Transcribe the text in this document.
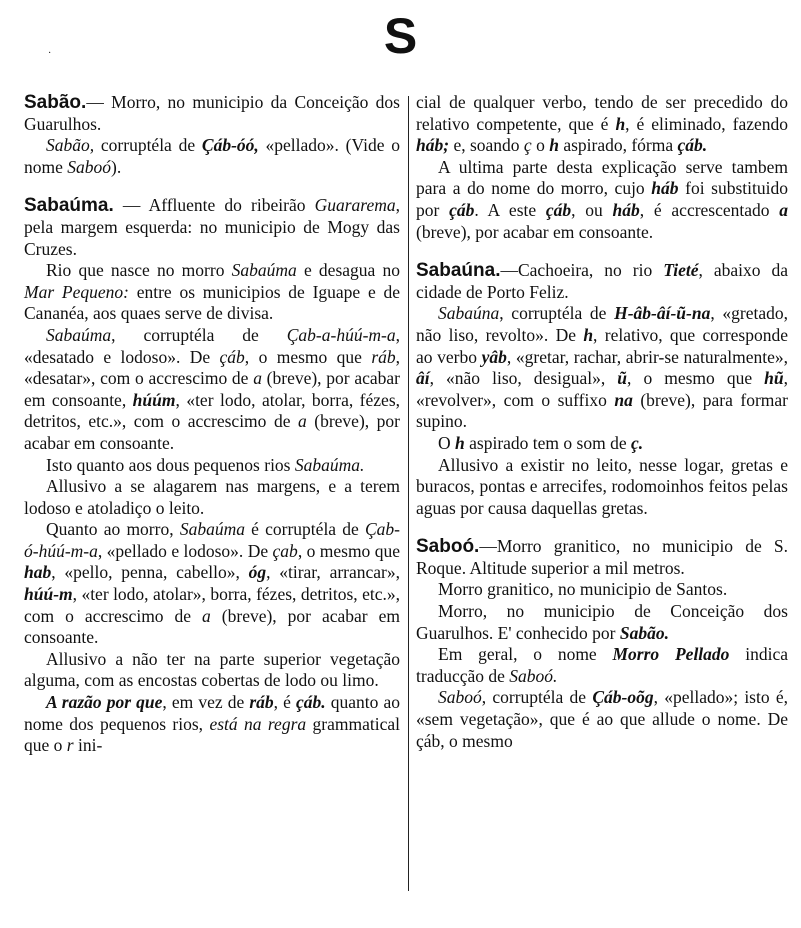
S
·

Sabão.— Morro, no municipio da Conceição dos Guarulhos.

Sabão, corruptéla de Çáb-óó, «pellado». (Vide o nome Saboó).

Sabaúma. — Affluente do ribeirão Guararema, pela margem esquerda: no municipio de Mogy das Cruzes.

Rio que nasce no morro Sabaúma e desagua no Mar Pequeno: entre os municipios de Iguape e de Cananéa, aos quaes serve de divisa.

Sabaúma, corruptéla de Çab-a-húú-m-a, «desatado e lodoso». De çáb, o mesmo que ráb, «desatar», com o accrescimo de a (breve), por acabar em consoante, húúm, «ter lodo, atolar, borra, fézes, detritos, etc.», com o accrescimo de a (breve), por acabar em consoante.

Isto quanto aos dous pequenos rios Sabaúma.

Allusivo a se alagarem nas margens, e a terem lodoso e atoladiço o leito.

Quanto ao morro, Sabaúma é corruptéla de Çab-ó-húú-m-a, «pellado e lodoso». De çab, o mesmo que hab, «pello, penna, cabello», óg, «tirar, arrancar», húú-m, «ter lodo, atolar», borra, fézes, detritos, etc.», com o accrescimo de a (breve), por acabar em consoante.

Allusivo a não ter na parte superior vegetação alguma, com as encostas cobertas de lodo ou limo.

A razão por que, em vez de ráb, é çáb. quanto ao nome dos pequenos rios, está na regra grammatical que o r ini-

cial de qualquer verbo, tendo de ser precedido do relativo competente, que é h, é eliminado, fazendo háb; e, soando ç o h aspirado, fórma çáb.

A ultima parte desta explicação serve tambem para a do nome do morro, cujo háb foi substituido por çáb. A este çáb, ou háb, é accrescentado a (breve), por acabar em consoante.

Sabaúna.—Cachoeira, no rio Tieté, abaixo da cidade de Porto Feliz.

Sabaúna, corruptéla de H-âb-âí-ũ-na, «gretado, não liso, revolto». De h, relativo, que corresponde ao verbo yâb, «gretar, rachar, abrir-se naturalmente», âí, «não liso, desigual», ũ, o mesmo que hũ, «revolver», com o suffixo na (breve), para formar supino.

O h aspirado tem o som de ç.

Allusivo a existir no leito, nesse logar, gretas e buracos, pontas e arrecifes, rodomoinhos feitos pelas aguas por causa daquellas gretas.

Saboó.—Morro granitico, no municipio de S. Roque. Altitude superior a mil metros.

Morro granitico, no municipio de Santos.

Morro, no municipio de Conceição dos Guarulhos. E' conhecido por Sabão.

Em geral, o nome Morro Pellado indica traducção de Saboó.

Saboó, corruptéla de Çáb-oõg, «pellado»; isto é, «sem vegetação», que é ao que allude o nome. De çáb, o mesmo
